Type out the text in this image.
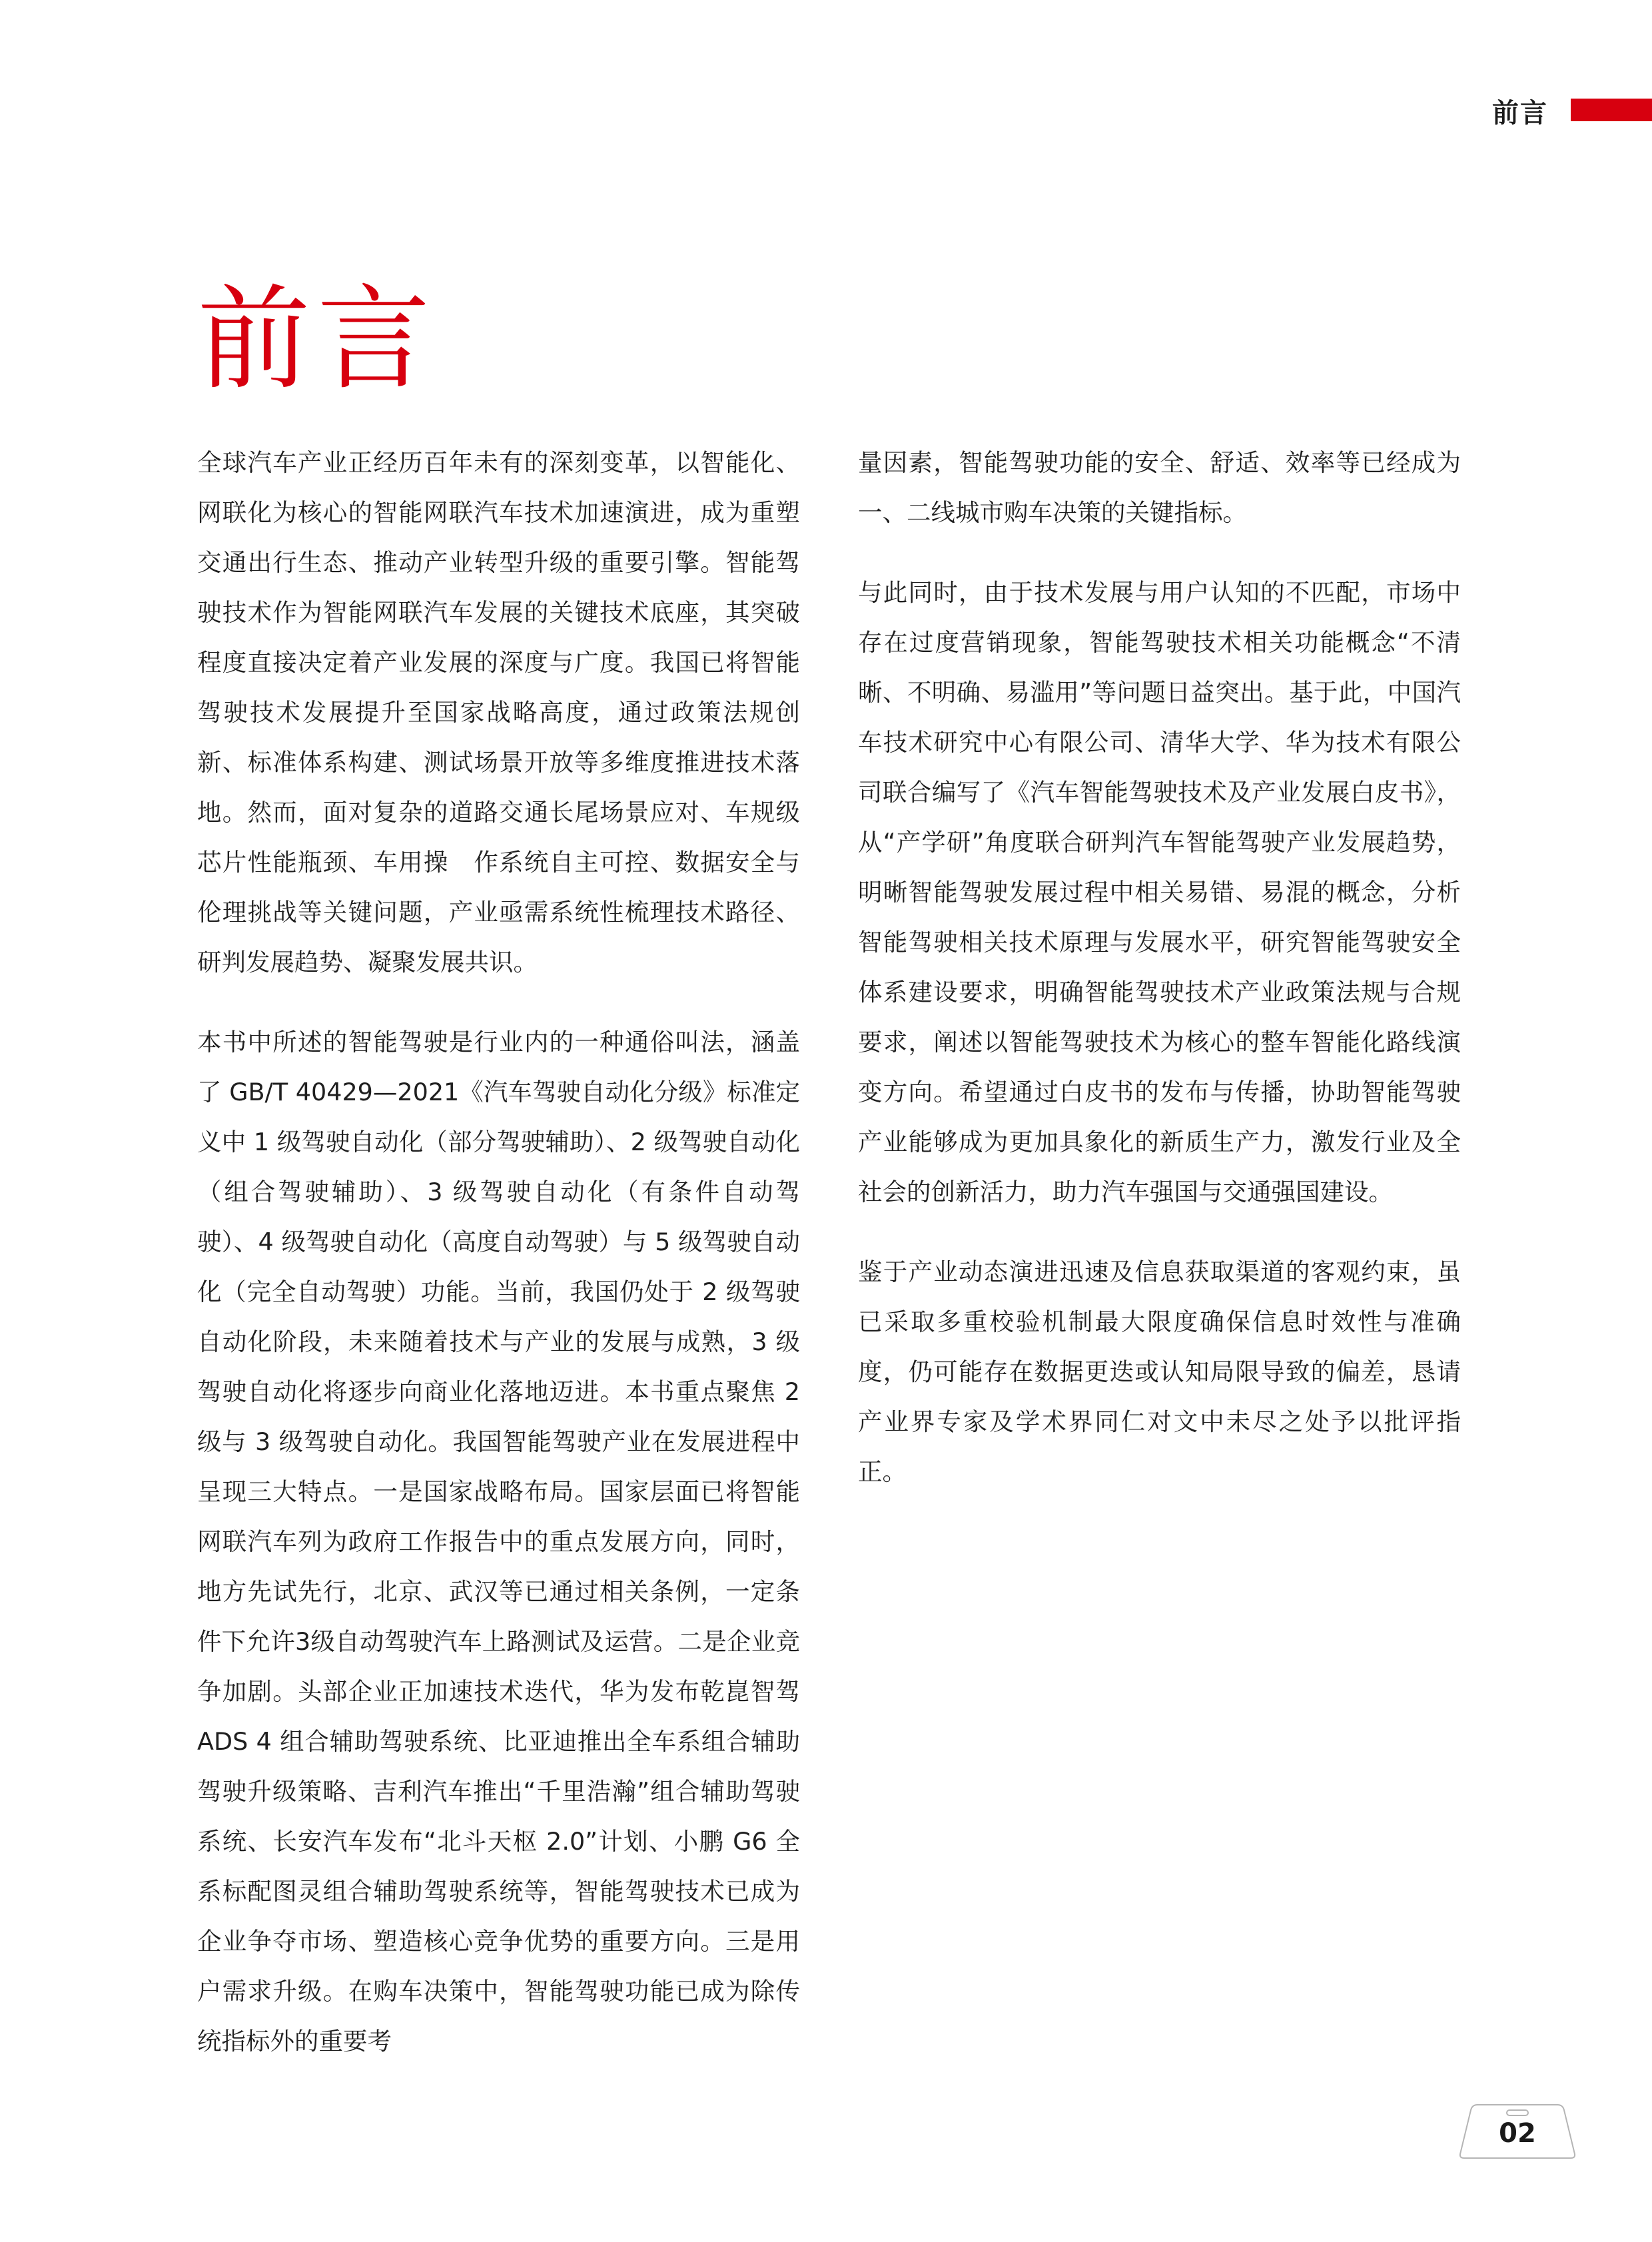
前言
前言

全球汽车产业正经历百年未有的深刻变革，以智能化、网联化为核心的智能网联汽车技术加速演进，成为重塑交通出行生态、推动产业转型升级的重要引擎。智能驾驶技术作为智能网联汽车发展的关键技术底座，其突破程度直接决定着产业发展的深度与广度。我国已将智能驾驶技术发展提升至国家战略高度，通过政策法规创新、标准体系构建、测试场景开放等多维度推进技术落地。然而，面对复杂的道路交通长尾场景应对、车规级芯片性能瓶颈、车用操　作系统自主可控、数据安全与伦理挑战等关键问题，产业亟需系统性梳理技术路径、研判发展趋势、凝聚发展共识。

本书中所述的智能驾驶是行业内的一种通俗叫法，涵盖了 GB/T 40429—2021《汽车驾驶自动化分级》标准定义中 1 级驾驶自动化（部分驾驶辅助）、2 级驾驶自动化（组合驾驶辅助）、3 级驾驶自动化（有条件自动驾驶）、4 级驾驶自动化（高度自动驾驶）与 5 级驾驶自动化（完全自动驾驶）功能。当前，我国仍处于 2 级驾驶自动化阶段，未来随着技术与产业的发展与成熟，3 级驾驶自动化将逐步向商业化落地迈进。本书重点聚焦 2 级与 3 级驾驶自动化。我国智能驾驶产业在发展进程中呈现三大特点。一是国家战略布局。国家层面已将智能网联汽车列为政府工作报告中的重点发展方向，同时，地方先试先行，北京、武汉等已通过相关条例，一定条件下允许3级自动驾驶汽车上路测试及运营。二是企业竞争加剧。头部企业正加速技术迭代，华为发布乾崑智驾 ADS 4 组合辅助驾驶系统、比亚迪推出全车系组合辅助驾驶升级策略、吉利汽车推出“千里浩瀚”组合辅助驾驶系统、长安汽车发布“北斗天枢 2.0”计划、小鹏 G6 全系标配图灵组合辅助驾驶系统等，智能驾驶技术已成为企业争夺市场、塑造核心竞争优势的重要方向。三是用户需求升级。在购车决策中，智能驾驶功能已成为除传统指标外的重要考

量因素，智能驾驶功能的安全、舒适、效率等已经成为一、二线城市购车决策的关键指标。

与此同时，由于技术发展与用户认知的不匹配，市场中存在过度营销现象，智能驾驶技术相关功能概念“不清晰、不明确、易滥用”等问题日益突出。基于此，中国汽车技术研究中心有限公司、清华大学、华为技术有限公司联合编写了《汽车智能驾驶技术及产业发展白皮书》，从“产学研”角度联合研判汽车智能驾驶产业发展趋势，明晰智能驾驶发展过程中相关易错、易混的概念，分析智能驾驶相关技术原理与发展水平，研究智能驾驶安全体系建设要求，明确智能驾驶技术产业政策法规与合规要求，阐述以智能驾驶技术为核心的整车智能化路线演变方向。希望通过白皮书的发布与传播，协助智能驾驶产业能够成为更加具象化的新质生产力，激发行业及全社会的创新活力，助力汽车强国与交通强国建设。

鉴于产业动态演进迅速及信息获取渠道的客观约束，虽已采取多重校验机制最大限度确保信息时效性与准确度，仍可能存在数据更迭或认知局限导致的偏差，恳请产业界专家及学术界同仁对文中未尽之处予以批评指正。

02
